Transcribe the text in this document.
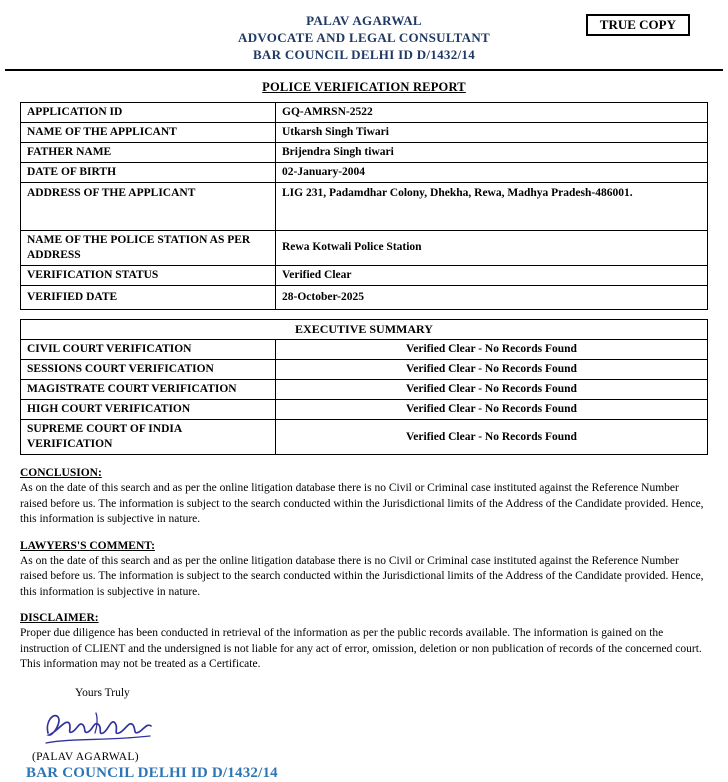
TRUE COPY
PALAV AGARWAL
ADVOCATE AND LEGAL CONSULTANT
BAR COUNCIL DELHI ID D/1432/14
POLICE VERIFICATION REPORT
APPLICATION ID	GQ-AMRSN-2522
NAME OF THE APPLICANT	Utkarsh Singh Tiwari
FATHER NAME	Brijendra Singh tiwari
DATE OF BIRTH	02-January-2004
ADDRESS OF THE APPLICANT	LIG 231, Padamdhar Colony, Dhekha, Rewa, Madhya Pradesh-486001.
NAME OF THE POLICE STATION AS PER ADDRESS	Rewa Kotwali Police Station
VERIFICATION STATUS	Verified Clear
VERIFIED DATE	28-October-2025
EXECUTIVE SUMMARY	
CIVIL COURT VERIFICATION	Verified Clear - No Records Found
SESSIONS COURT VERIFICATION	Verified Clear - No Records Found
MAGISTRATE COURT VERIFICATION	Verified Clear - No Records Found
HIGH COURT VERIFICATION	Verified Clear - No Records Found
SUPREME COURT OF INDIA VERIFICATION	Verified Clear - No Records Found
CONCLUSION:
As on the date of this search and as per the online litigation database there is no Civil or Criminal case instituted against the Reference Number raised before us. The information is subject to the search conducted within the Jurisdictional limits of the Address of the Candidate provided. Hence, this information is subjective in nature.
LAWYERS'S COMMENT:
As on the date of this search and as per the online litigation database there is no Civil or Criminal case instituted against the Reference Number raised before us. The information is subject to the search conducted within the Jurisdictional limits of the Address of the Candidate provided. Hence, this information is subjective in nature.
DISCLAIMER:
Proper due diligence has been conducted in retrieval of the information as per the public records available. The information is gained on the instruction of CLIENT and the undersigned is not liable for any act of error, omission, deletion or non publication of records of the concerned court. This information may not be treated as a Certificate.
Yours Truly
(PALAV AGARWAL)
BAR COUNCIL DELHI ID D/1432/14
